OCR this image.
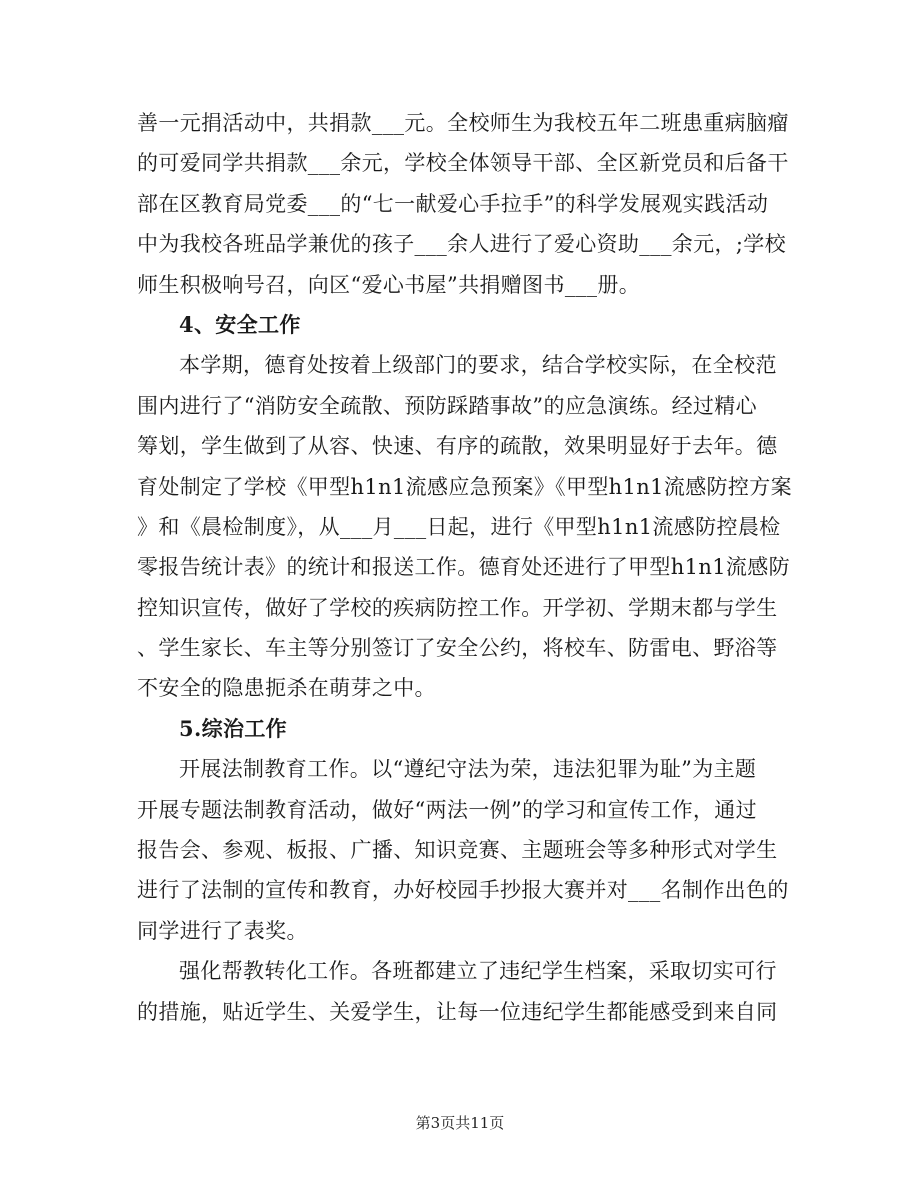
善一元捐活动中，共捐款___元。全校师生为我校五年二班患重病脑瘤
的可爱同学共捐款___余元，学校全体领导干部、全区新党员和后备干
部在区教育局党委___的“七一献爱心手拉手”的科学发展观实践活动
中为我校各班品学兼优的孩子___余人进行了爱心资助___余元，;学校
师生积极响号召，向区“爱心书屋”共捐赠图书___册。
4、安全工作
本学期，德育处按着上级部门的要求，结合学校实际，在全校范
围内进行了“消防安全疏散、预防踩踏事故”的应急演练。经过精心
筹划，学生做到了从容、快速、有序的疏散，效果明显好于去年。德
育处制定了学校《甲型h1n1流感应急预案》《甲型h1n1流感防控方案
》和《晨检制度》，从___月___日起，进行《甲型h1n1流感防控晨检
零报告统计表》的统计和报送工作。德育处还进行了甲型h1n1流感防
控知识宣传，做好了学校的疾病防控工作。开学初、学期末都与学生
、学生家长、车主等分别签订了安全公约，将校车、防雷电、野浴等
不安全的隐患扼杀在萌芽之中。
5.综治工作
开展法制教育工作。以“遵纪守法为荣，违法犯罪为耻”为主题
开展专题法制教育活动，做好“两法一例”的学习和宣传工作，通过
报告会、参观、板报、广播、知识竞赛、主题班会等多种形式对学生
进行了法制的宣传和教育，办好校园手抄报大赛并对___名制作出色的
同学进行了表奖。
强化帮教转化工作。各班都建立了违纪学生档案，采取切实可行
的措施，贴近学生、关爱学生，让每一位违纪学生都能感受到来自同
第3页共11页
